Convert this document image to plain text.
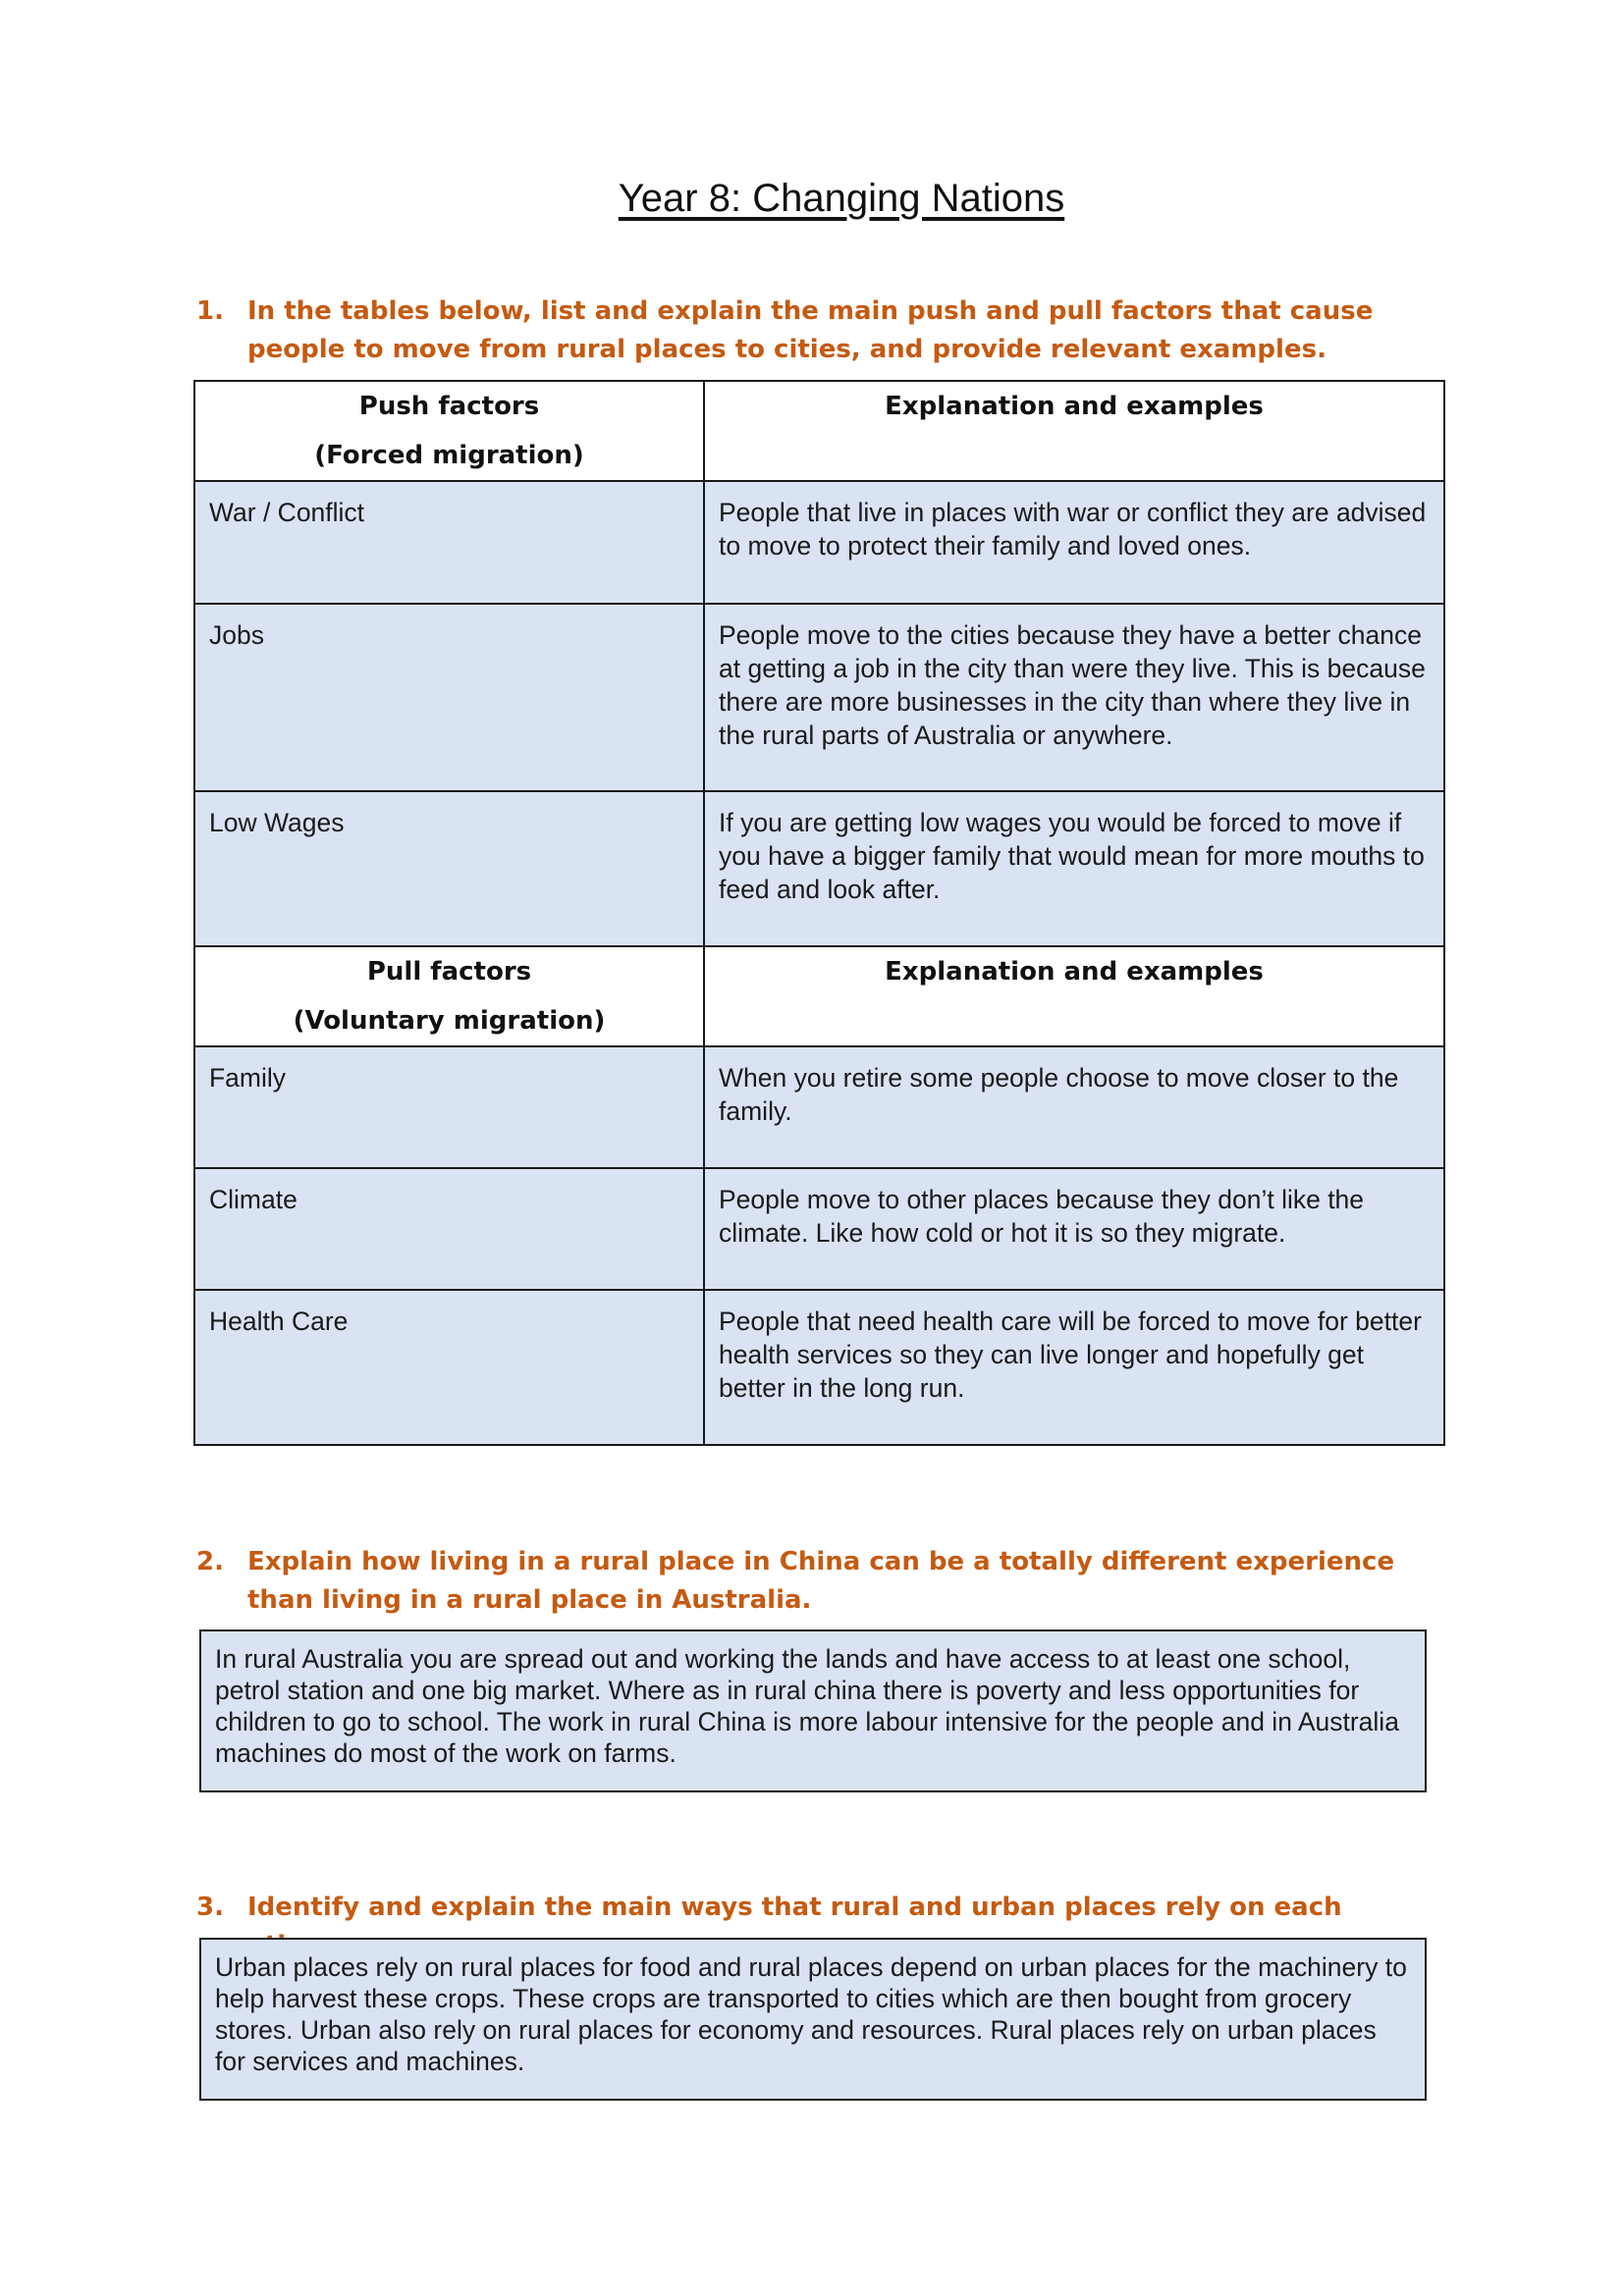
Year 8: Changing Nations
1. In the tables below, list and explain the main push and pull factors that cause people to move from rural places to cities, and provide relevant examples.
Push factors
(Forced migration)	Explanation and examples

War / Conflict	People that live in places with war or conflict they are advised to move to protect their family and loved ones.

Jobs	People move to the cities because they have a better chance at getting a job in the city than were they live. This is because there are more businesses in the city than where they live in the rural parts of Australia or anywhere.

Low Wages	If you are getting low wages you would be forced to move if you have a bigger family that would mean for more mouths to feed and look after.

Pull factors
(Voluntary migration)	Explanation and examples

Family	When you retire some people choose to move closer to the family.

Climate	People move to other places because they don’t like the climate. Like how cold or hot it is so they migrate.

Health Care	People that need health care will be forced to move for better health services so they can live longer and hopefully get better in the long run.
2. Explain how living in a rural place in China can be a totally different experience than living in a rural place in Australia.
In rural Australia you are spread out and working the lands and have access to at least one school, petrol station and one big market. Where as in rural china there is poverty and less opportunities for children to go to school. The work in rural China is more labour intensive for the people and in Australia machines do most of the work on farms.
3. Identify and explain the main ways that rural and urban places rely on each
Urban places rely on rural places for food and rural places depend on urban places for the machinery to help harvest these crops. These crops are transported to cities which are then bought from grocery stores. Urban also rely on rural places for economy and resources. Rural places rely on urban places for services and machines.
